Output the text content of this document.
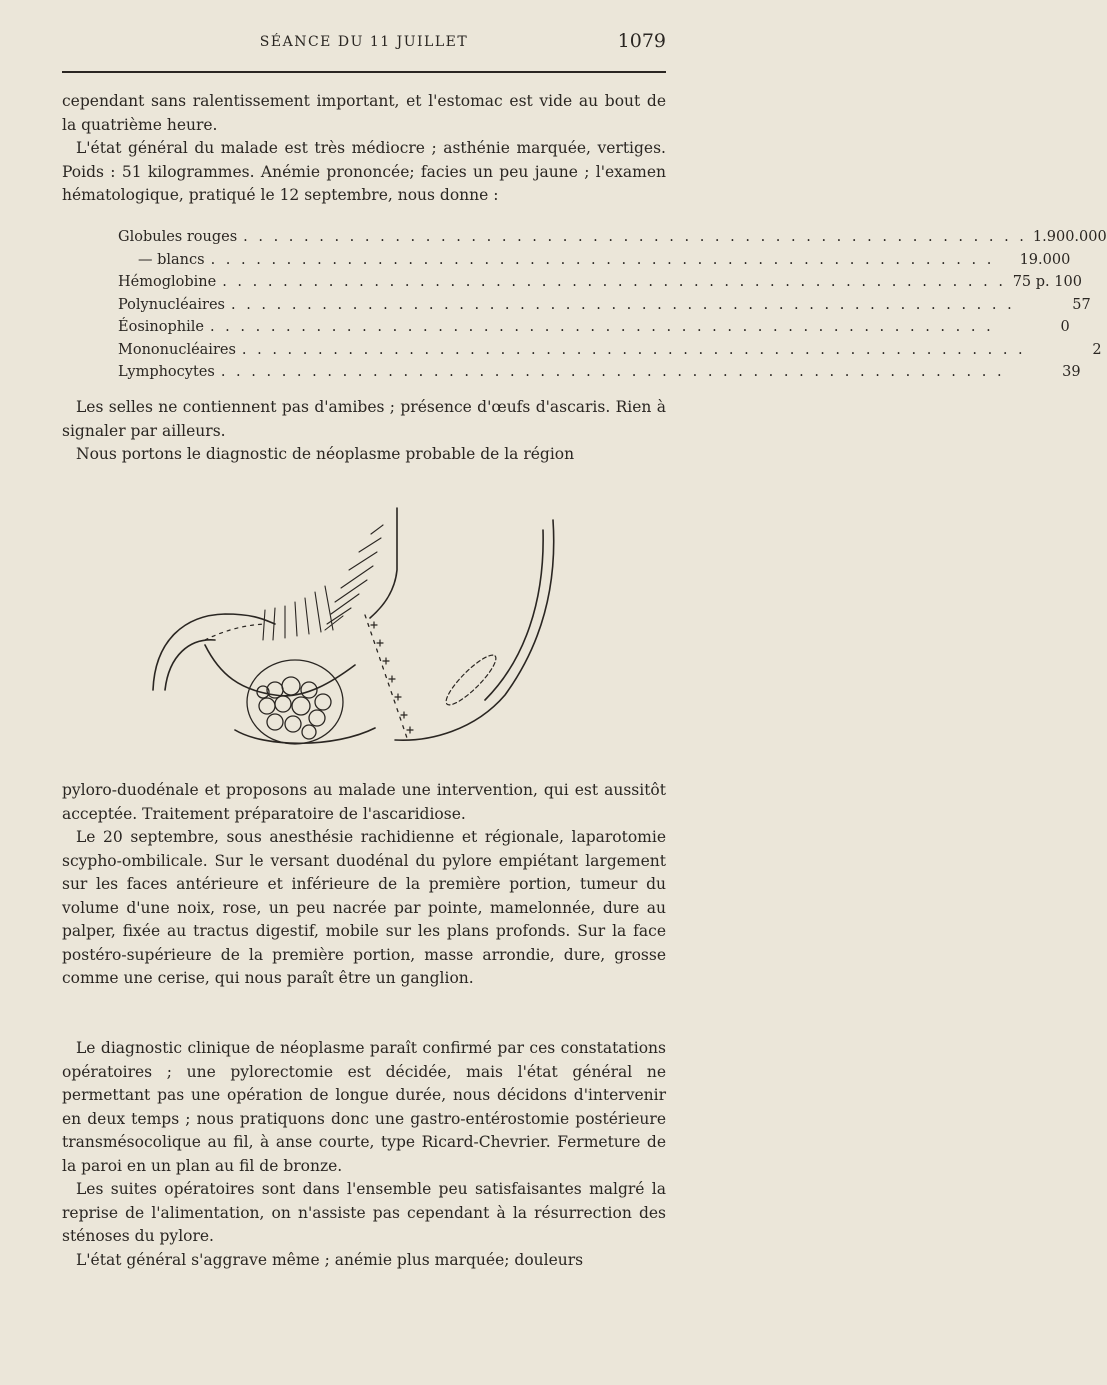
SÉANCE DU 11 JUILLET	1079

cependant sans ralentissement important, et l'estomac est vide au bout de la quatrième heure.

L'état général du malade est très médiocre ; asthénie marquée, vertiges. Poids : 51 kilogrammes. Anémie prononcée; facies un peu jaune ; l'examen hématologique, pratiqué le 12 septembre, nous donne :

Globules rouges . . . . . . . . . . . . . . . . . . . . . . . . . . . . . . . . . . . . . . . . . . . . . . . . . . . . 1.900.000
— blancs . . . . . . . . . . . . . . . . . . . . . . . . . . . . . . . . . . . . . . . . . . . . . . . . . . . .	19.000
Hémoglobine . . . . . . . . . . . . . . . . . . . . . . . . . . . . . . . . . . . . . . . . . . . . . . . . . . . . 75 p. 100
Polynucléaires . . . . . . . . . . . . . . . . . . . . . . . . . . . . . . . . . . . . . . . . . . . . . . . . . . . .	57
Éosinophile . . . . . . . . . . . . . . . . . . . . . . . . . . . . . . . . . . . . . . . . . . . . . . . . . . . .	0
Mononucléaires . . . . . . . . . . . . . . . . . . . . . . . . . . . . . . . . . . . . . . . . . . . . . . . . . . . .	2
Lymphocytes . . . . . . . . . . . . . . . . . . . . . . . . . . . . . . . . . . . . . . . . . . . . . . . . . . . .	39

Les selles ne contiennent pas d'amibes ; présence d'œufs d'ascaris. Rien à signaler par ailleurs.

Nous portons le diagnostic de néoplasme probable de la région

pyloro-duodénale et proposons au malade une intervention, qui est aussitôt acceptée. Traitement préparatoire de l'ascaridiose.

Le 20 septembre, sous anesthésie rachidienne et régionale, laparotomie scypho-ombilicale. Sur le versant duodénal du pylore empiétant largement sur les faces antérieure et inférieure de la première portion, tumeur du volume d'une noix, rose, un peu nacrée par pointe, mamelonnée, dure au palper, fixée au tractus digestif, mobile sur les plans profonds. Sur la face postéro-supérieure de la première portion, masse arrondie, dure, grosse comme une cerise, qui nous paraît être un ganglion.

Le diagnostic clinique de néoplasme paraît confirmé par ces constatations opératoires ; une pylorectomie est décidée, mais l'état général ne permettant pas une opération de longue durée, nous décidons d'intervenir en deux temps ; nous pratiquons donc une gastro-entérostomie postérieure transmésocolique au fil, à anse courte, type Ricard-Chevrier. Fermeture de la paroi en un plan au fil de bronze.

Les suites opératoires sont dans l'ensemble peu satisfaisantes malgré la reprise de l'alimentation, on n'assiste pas cependant à la résurrection des sténoses du pylore.

L'état général s'aggrave même ; anémie plus marquée; douleurs
